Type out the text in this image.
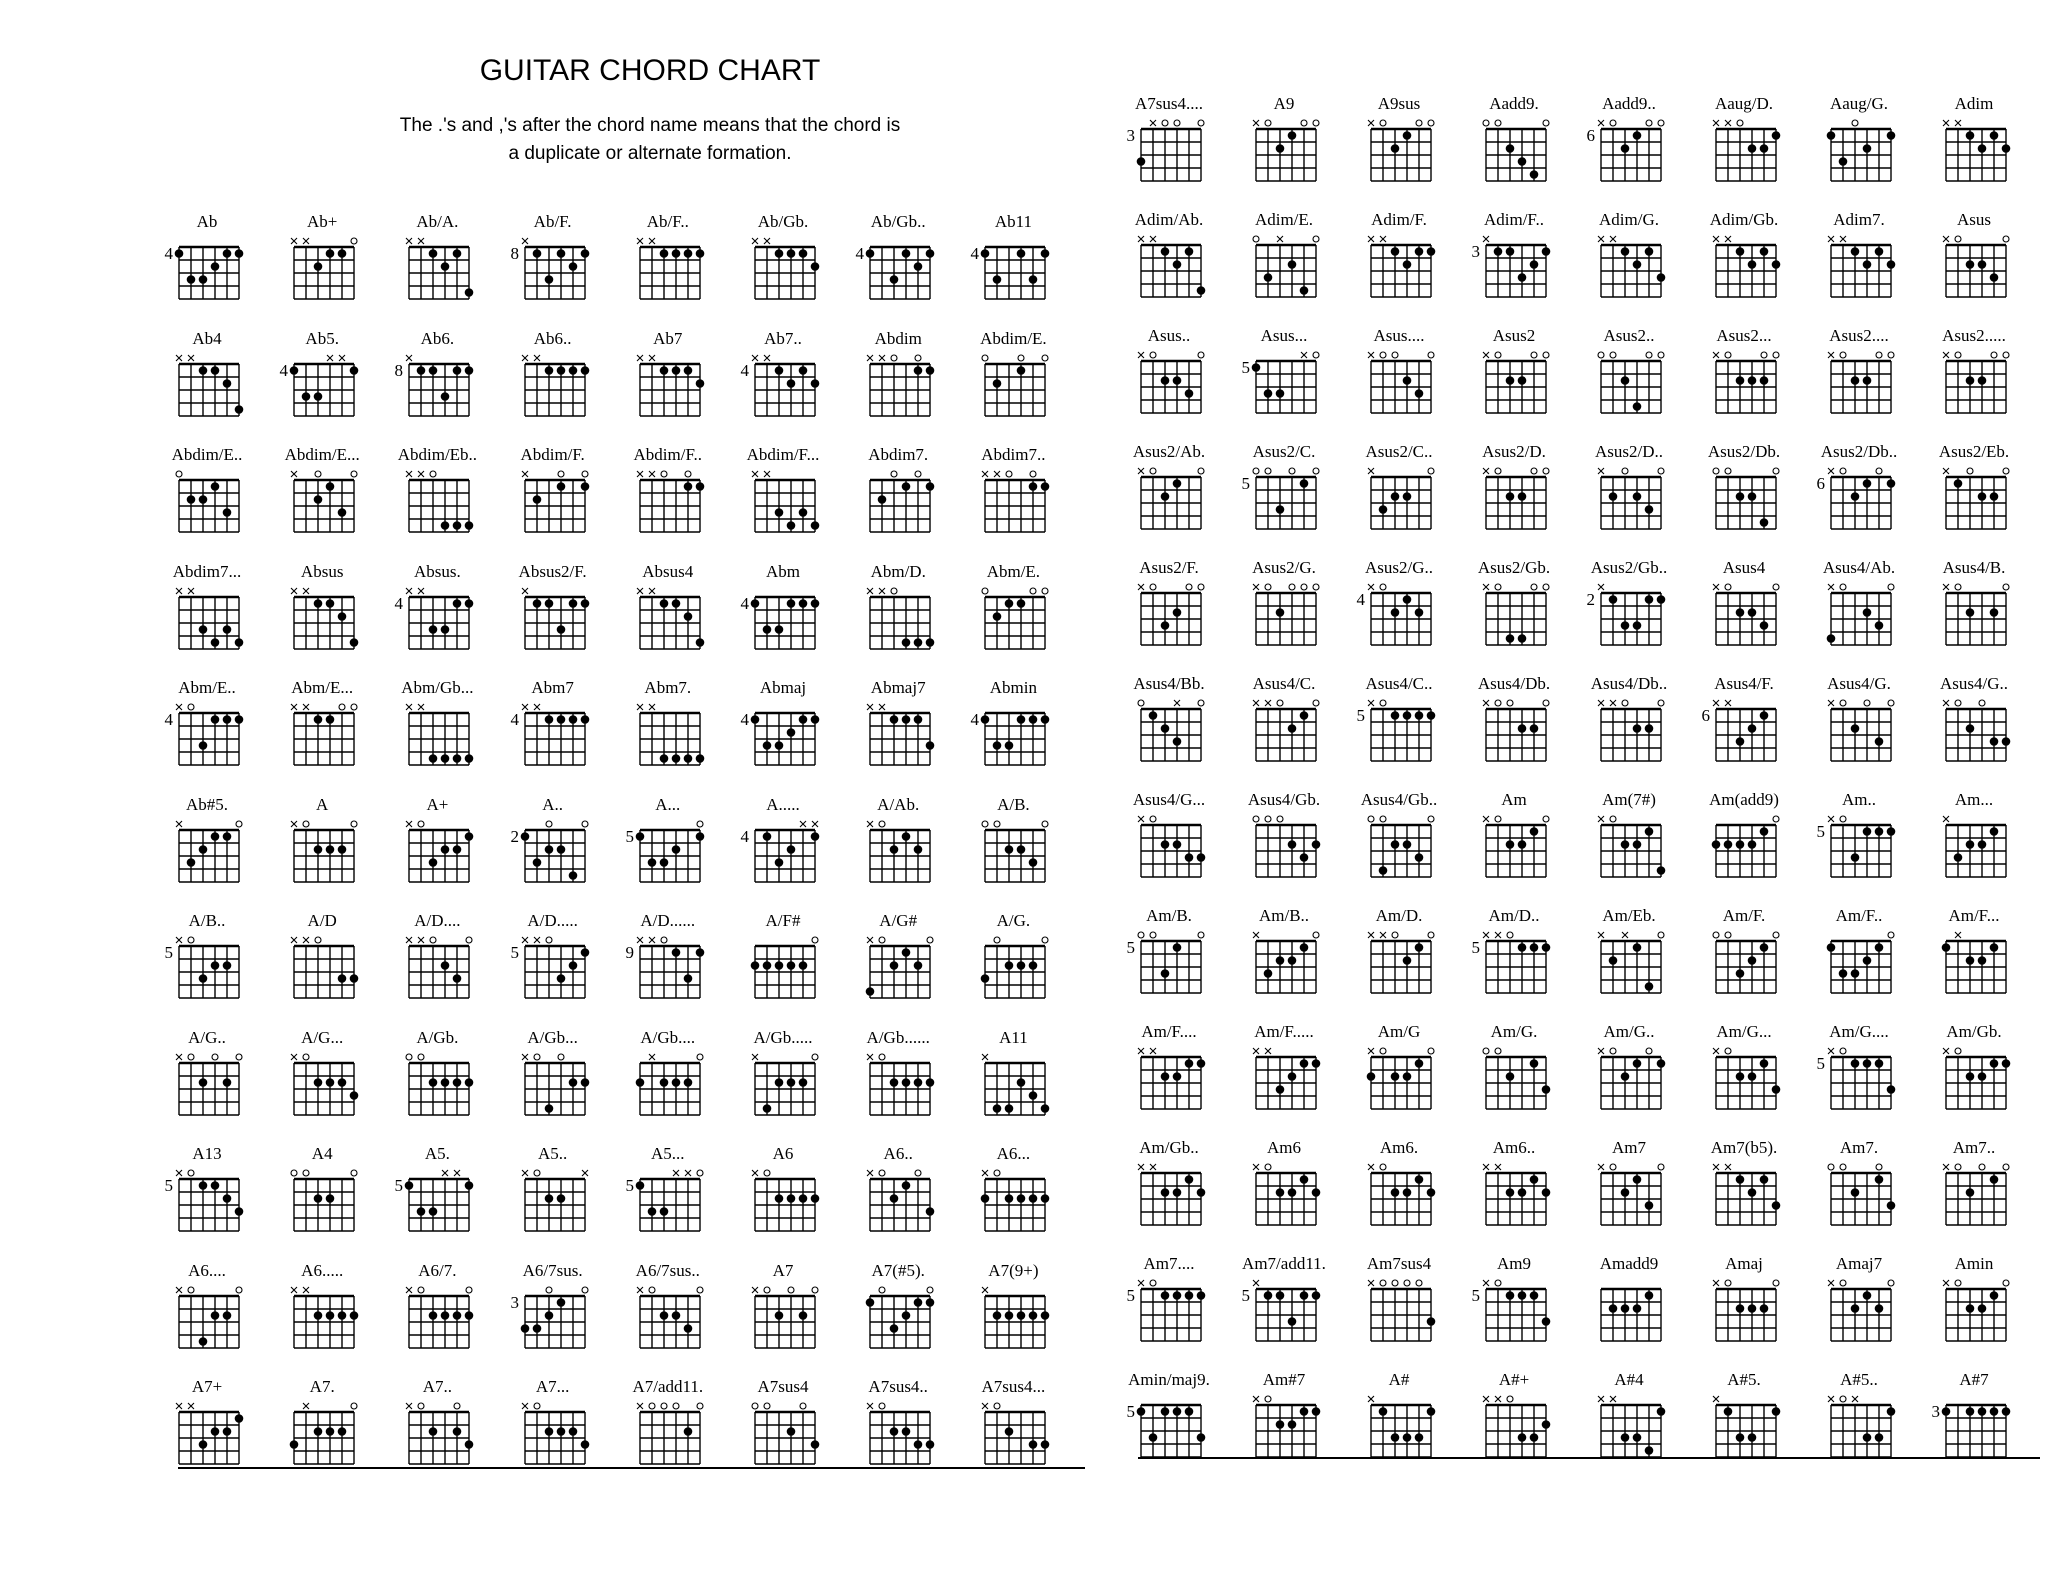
GUITAR CHORD CHART

The .'s and ,'s after the chord name means that the chord is
a duplicate or alternate formation.

Ab
4
Ab+	Ab/A.	Ab/F.
8
Ab/F..	Ab/Gb.	Ab/Gb..
4
Ab11
4
Ab4	Ab5.
4
Ab6.
8
Ab6..	Ab7	Ab7..
4
Abdim	Abdim/E.
Abdim/E..	Abdim/E...	Abdim/Eb..	Abdim/F.	Abdim/F..	Abdim/F...	Abdim7.	Abdim7..
Abdim7...	Absus	Absus.
4
Absus2/F.	Absus4	Abm
4
Abm/D.	Abm/E.
Abm/E..
4
Abm/E...	Abm/Gb...	Abm7
4
Abm7.	Abmaj
4
Abmaj7	Abmin
4
Ab#5.	A	A+	A..
2
A...
5
A.....
4
A/Ab.	A/B.
A/B..
5
A/D	A/D....	A/D.....
5
A/D......
9
A/F#	A/G#	A/G.
A/G..	A/G...	A/Gb.	A/Gb...	A/Gb....	A/Gb.....	A/Gb......	A11
A13
5
A4	A5.
5
A5..	A5...
5
A6	A6..	A6...
A6....	A6.....	A6/7.	A6/7sus.
3
A6/7sus..	A7	A7(#5).	A7(9+)
A7+	A7.	A7..	A7...	A7/add11.	A7sus4	A7sus4..	A7sus4...
A7sus4....
3
A9	A9sus	Aadd9.	Aadd9..
6
Aaug/D.	Aaug/G.	Adim
Adim/Ab.	Adim/E.	Adim/F.	Adim/F..
3
Adim/G.	Adim/Gb.	Adim7.	Asus
Asus..	Asus...
5
Asus....	Asus2	Asus2..	Asus2...	Asus2....	Asus2.....
Asus2/Ab.	Asus2/C.
5
Asus2/C..	Asus2/D.	Asus2/D..	Asus2/Db.	Asus2/Db..
6
Asus2/Eb.
Asus2/F.	Asus2/G.	Asus2/G..
4
Asus2/Gb.	Asus2/Gb..
2
Asus4	Asus4/Ab.	Asus4/B.
Asus4/Bb.	Asus4/C.	Asus4/C..
5
Asus4/Db.	Asus4/Db..	Asus4/F.
6
Asus4/G.	Asus4/G..
Asus4/G...	Asus4/Gb.	Asus4/Gb..	Am	Am(7#)	Am(add9)	Am..
5
Am...
Am/B.
5
Am/B..	Am/D.	Am/D..
5
Am/Eb.	Am/F.	Am/F..	Am/F...
Am/F....	Am/F.....	Am/G	Am/G.	Am/G..	Am/G...	Am/G....
5
Am/Gb.
Am/Gb..	Am6	Am6.	Am6..	Am7	Am7(b5).	Am7.	Am7..
Am7....
5
Am7/add11.
5
Am7sus4	Am9
5
Amadd9	Amaj	Amaj7	Amin
Amin/maj9.
5
Am#7	A#	A#+	A#4	A#5.	A#5..	A#7
3
